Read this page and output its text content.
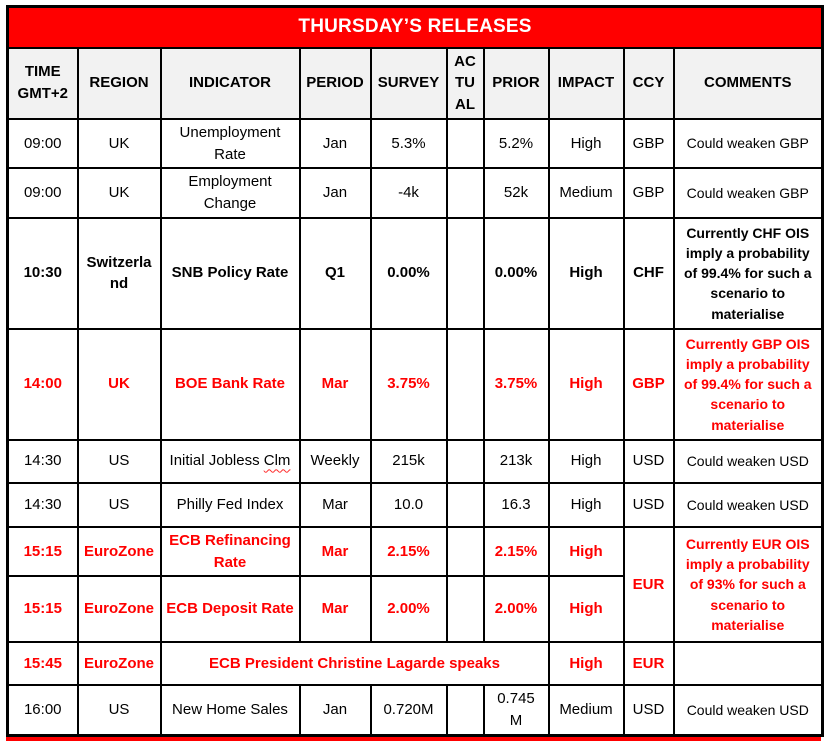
THURSDAY’S RELEASES									
TIME GMT+2	REGION	INDICATOR	PERIOD	SURVEY	ACTUAL	PRIOR	IMPACT	CCY	COMMENTS
09:00	UK	Unemployment Rate	Jan	5.3%		5.2%	High	GBP	Could weaken GBP
09:00	UK	Employment Change	Jan	-4k		52k	Medium	GBP	Could weaken GBP
10:30	Switzerland	SNB Policy Rate	Q1	0.00%		0.00%	High	CHF	Currently CHF OIS imply a probability of 99.4% for such a scenario to materialise
14:00	UK	BOE Bank Rate	Mar	3.75%		3.75%	High	GBP	Currently GBP OIS imply a probability of 99.4% for such a scenario to materialise
14:30	US	Initial Jobless Clm	Weekly	215k		213k	High	USD	Could weaken USD
14:30	US	Philly Fed Index	Mar	10.0		16.3	High	USD	Could weaken USD
15:15	EuroZone	ECB Refinancing Rate	Mar	2.15%		2.15%	High	EUR	Currently EUR OIS imply a probability of 93% for such a scenario to materialise
15:15	EuroZone	ECB Deposit Rate	Mar	2.00%		2.00%	High		
15:45	EuroZone	ECB President Christine Lagarde speaks					High	EUR	
16:00	US	New Home Sales	Jan	0.720M		0.745 M	Medium	USD	Could weaken USD
